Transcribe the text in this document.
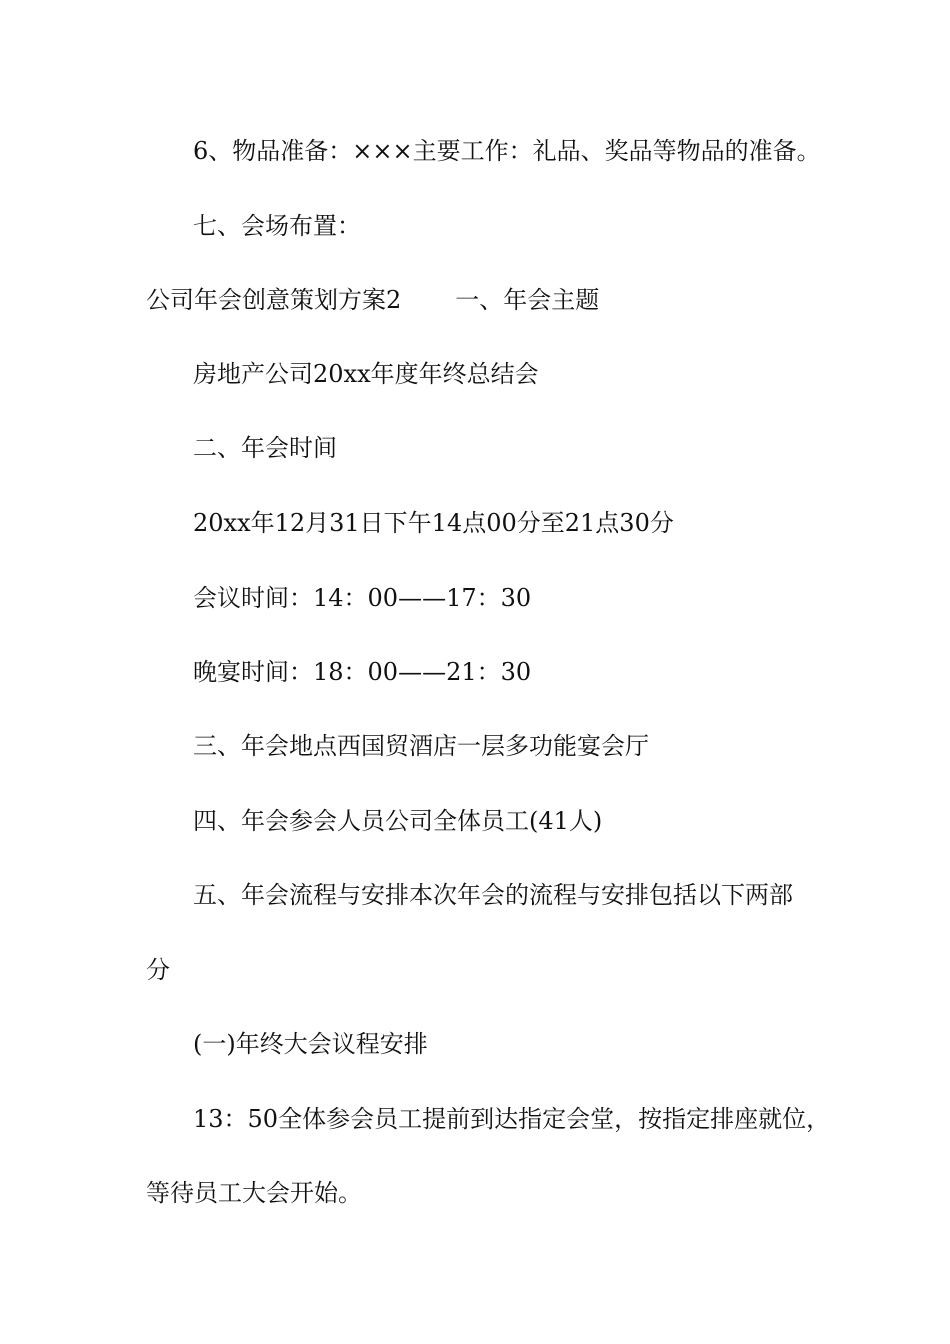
6、物品准备：×××主要工作：礼品、奖品等物品的准备。
七、会场布置：
公司年会创意策划方案2 一、年会主题
房地产公司20xx年度年终总结会
二、年会时间
20xx年12月31日下午14点00分至21点30分
会议时间：14：00——17：30
晚宴时间：18：00——21：30
三、年会地点西国贸酒店一层多功能宴会厅
四、年会参会人员公司全体员工(41人)
五、年会流程与安排本次年会的流程与安排包括以下两部
分
(一)年终大会议程安排
13：50全体参会员工提前到达指定会堂，按指定排座就位，
等待员工大会开始。
